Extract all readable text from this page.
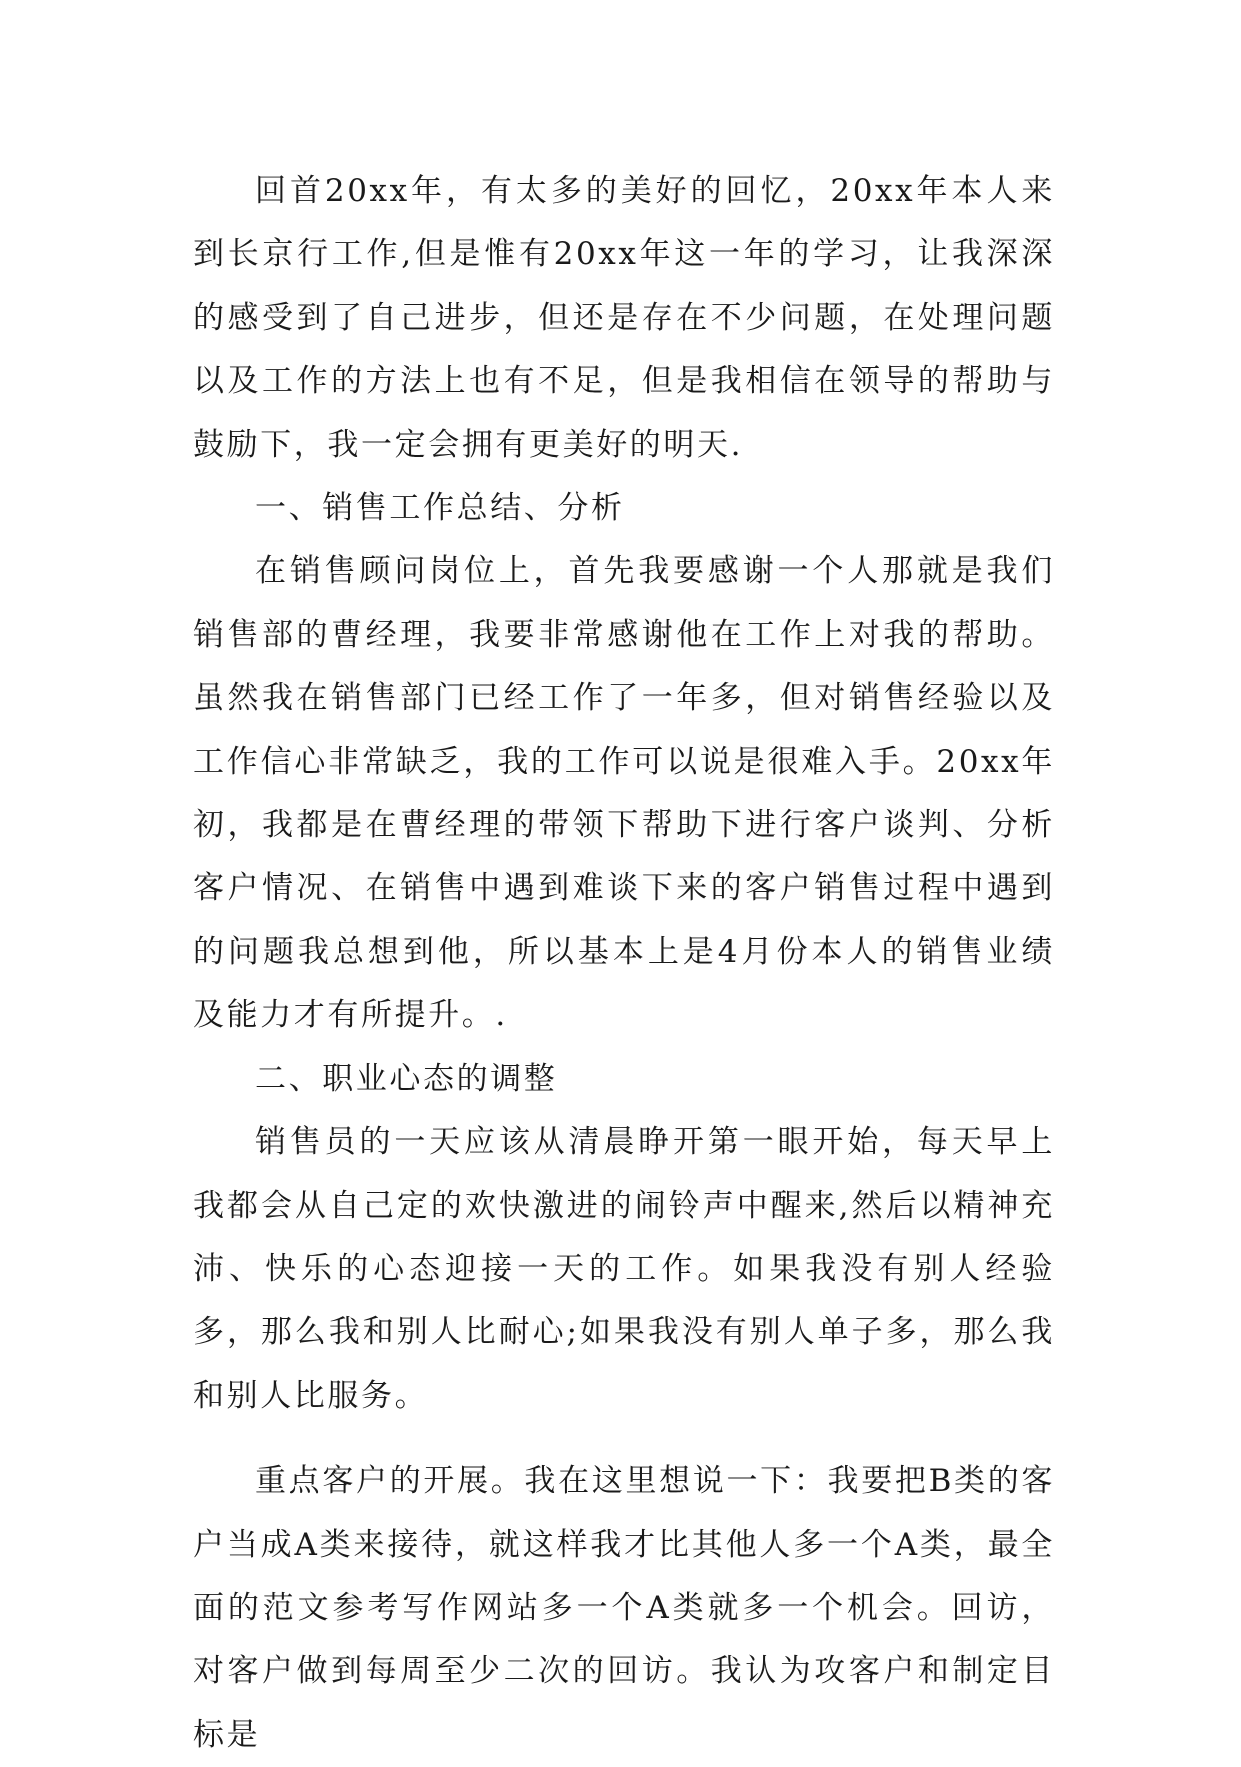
回首20xx年，有太多的美好的回忆，20xx年本人来到长京行工作,但是惟有20xx年这一年的学习，让我深深的感受到了自己进步，但还是存在不少问题，在处理问题以及工作的方法上也有不足，但是我相信在领导的帮助与鼓励下，我一定会拥有更美好的明天.

一、销售工作总结、分析

在销售顾问岗位上，首先我要感谢一个人那就是我们销售部的曹经理，我要非常感谢他在工作上对我的帮助。虽然我在销售部门已经工作了一年多，但对销售经验以及工作信心非常缺乏，我的工作可以说是很难入手。20xx年初，我都是在曹经理的带领下帮助下进行客户谈判、分析客户情况、在销售中遇到难谈下来的客户销售过程中遇到的问题我总想到他，所以基本上是4月份本人的销售业绩及能力才有所提升。.

二、职业心态的调整

销售员的一天应该从清晨睁开第一眼开始，每天早上我都会从自己定的欢快激进的闹铃声中醒来,然后以精神充沛、快乐的心态迎接一天的工作。如果我没有别人经验多，那么我和别人比耐心;如果我没有别人单子多，那么我和别人比服务。

重点客户的开展。我在这里想说一下：我要把B类的客户当成A类来接待，就这样我才比其他人多一个A类，最全面的范文参考写作网站多一个A类就多一个机会。回访，对客户做到每周至少二次的回访。我认为攻客户和制定目标是
